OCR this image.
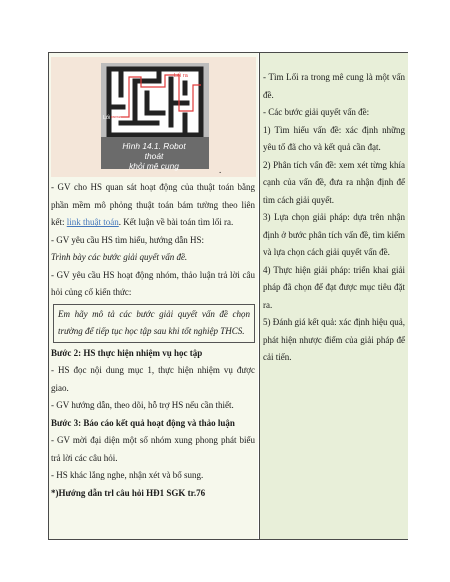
Lối ra
Lối vào
Hình 14.1. Robot thoát
khỏi mê cung	.

- GV cho HS quan sát hoạt động của thuật toán bằng phần mềm mô phỏng thuật toán bám tường theo liên kết: link thuật toán. Kết luận về bài toán tìm lối ra.

- GV yêu cầu HS tìm hiểu, hướng dẫn HS:

Trình bày các bước giải quyết vấn đề.

- GV yêu cầu HS hoạt động nhóm, thảo luận trả lời câu hỏi củng cố kiến thức:

Em hãy mô tả các bước giải quyết vấn đề chọn trường để tiếp tục học tập sau khi tốt nghiệp THCS.

Bước 2: HS thực hiện nhiệm vụ học tập

- HS đọc nội dung mục 1, thực hiện nhiệm vụ được giao.

- GV hướng dẫn, theo dõi, hỗ trợ HS nếu cần thiết.

Bước 3: Báo cáo kết quả hoạt động và thảo luận

- GV mời đại diện một số nhóm xung phong phát biểu trả lời các câu hỏi.

- HS khác lắng nghe, nhận xét và bổ sung.

*)Hướng dẫn trl câu hỏi HĐ1 SGK tr.76

- Tìm Lối ra trong mê cung là một vấn đề.

- Các bước giải quyết vấn đề:

1) Tìm hiểu vấn đề: xác định những yêu tố đã cho và kết quả cần đạt.

2) Phân tích vấn đề: xem xét từng khía cạnh của vấn đề, đưa ra nhận định để tìm cách giải quyết.

3) Lựa chọn giải pháp: dựa trên nhận định ở bước phân tích vấn đề, tìm kiếm và lựa chọn cách giải quyết vấn đề.

4) Thực hiện giải pháp: triển khai giải pháp đã chọn để đạt được mục tiêu đặt ra.

5) Đánh giá kết quả: xác định hiệu quả, phát hiện nhược điểm của giải pháp để cải tiến.
